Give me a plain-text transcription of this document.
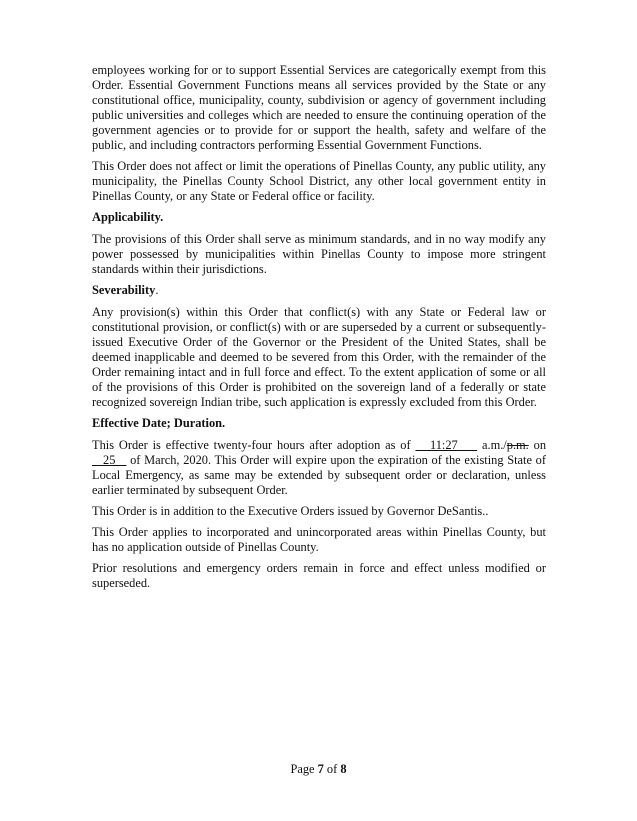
employees working for or to support Essential Services are categorically exempt from this Order. Essential Government Functions means all services provided by the State or any constitutional office, municipality, county, subdivision or agency of government including public universities and colleges which are needed to ensure the continuing operation of the government agencies or to provide for or support the health, safety and welfare of the public, and including contractors performing Essential Government Functions.

This Order does not affect or limit the operations of Pinellas County, any public utility, any municipality, the Pinellas County School District, any other local government entity in Pinellas County, or any State or Federal office or facility.

Applicability.

The provisions of this Order shall serve as minimum standards, and in no way modify any power possessed by municipalities within Pinellas County to impose more stringent standards within their jurisdictions.

Severability.

Any provision(s) within this Order that conflict(s) with any State or Federal law or constitutional provision, or conflict(s) with or are superseded by a current or subsequently-issued Executive Order of the Governor or the President of the United States, shall be deemed inapplicable and deemed to be severed from this Order, with the remainder of the Order remaining intact and in full force and effect. To the extent application of some or all of the provisions of this Order is prohibited on the sovereign land of a federally or state recognized sovereign Indian tribe, such application is expressly excluded from this Order.

Effective Date; Duration.

This Order is effective twenty-four hours after adoption as of    11:27     a.m./p.m. on    25    of March, 2020. This Order will expire upon the expiration of the existing State of Local Emergency, as same may be extended by subsequent order or declaration, unless earlier terminated by subsequent Order.

This Order is in addition to the Executive Orders issued by Governor DeSantis..

This Order applies to incorporated and unincorporated areas within Pinellas County, but has no application outside of Pinellas County.

Prior resolutions and emergency orders remain in force and effect unless modified or superseded.

Page 7 of 8
